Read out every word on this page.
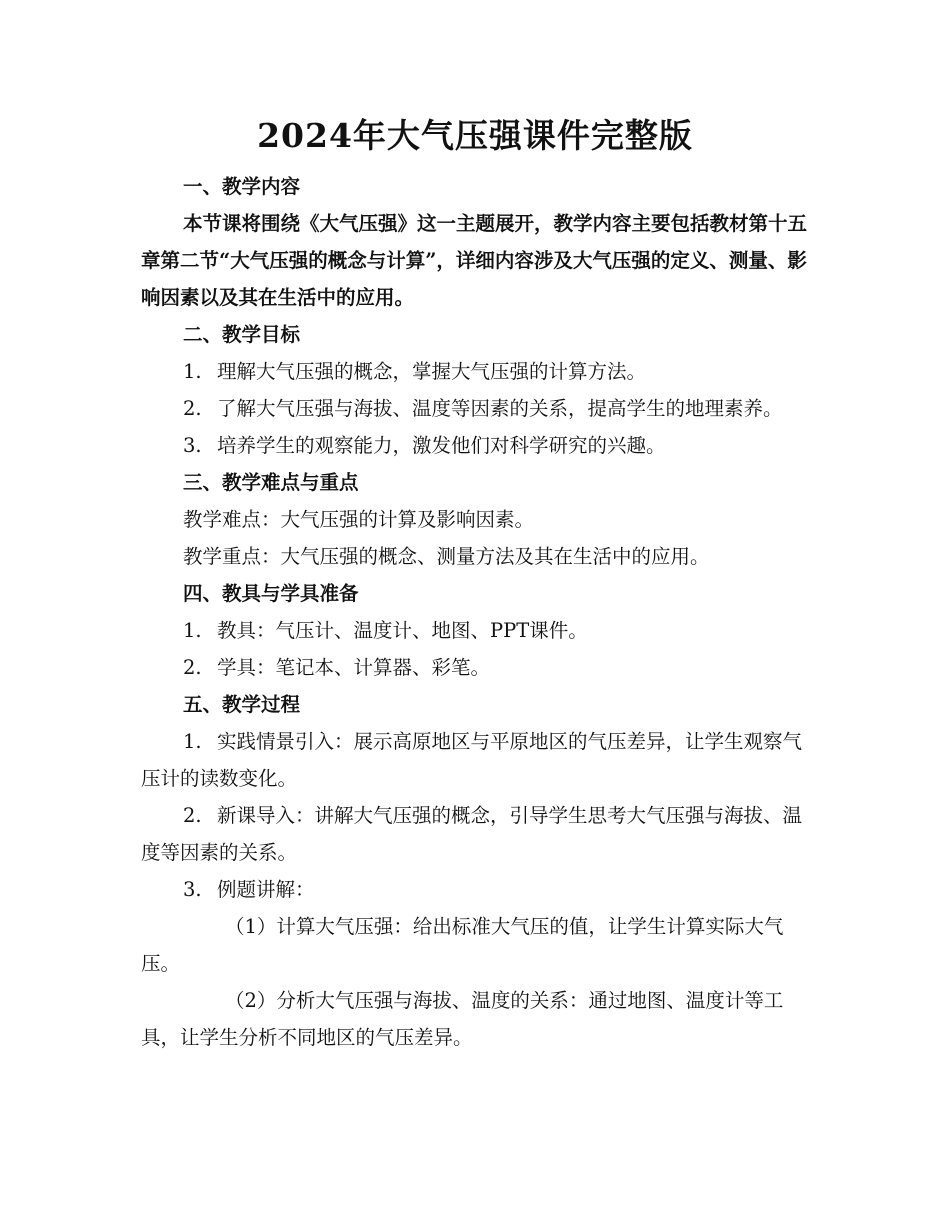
2024年大气压强课件完整版

一、教学内容

本节课将围绕《大气压强》这一主题展开，教学内容主要包括教材第十五章第二节“大气压强的概念与计算”，详细内容涉及大气压强的定义、测量、影响因素以及其在生活中的应用。

二、教学目标

1. 理解大气压强的概念，掌握大气压强的计算方法。

2. 了解大气压强与海拔、温度等因素的关系，提高学生的地理素养。

3. 培养学生的观察能力，激发他们对科学研究的兴趣。

三、教学难点与重点

教学难点：大气压强的计算及影响因素。

教学重点：大气压强的概念、测量方法及其在生活中的应用。

四、教具与学具准备

1. 教具：气压计、温度计、地图、PPT课件。

2. 学具：笔记本、计算器、彩笔。

五、教学过程

1. 实践情景引入：展示高原地区与平原地区的气压差异，让学生观察气压计的读数变化。

2. 新课导入：讲解大气压强的概念，引导学生思考大气压强与海拔、温度等因素的关系。

3. 例题讲解：

（1）计算大气压强：给出标准大气压的值，让学生计算实际大气压。

（2）分析大气压强与海拔、温度的关系：通过地图、温度计等工具，让学生分析不同地区的气压差异。
